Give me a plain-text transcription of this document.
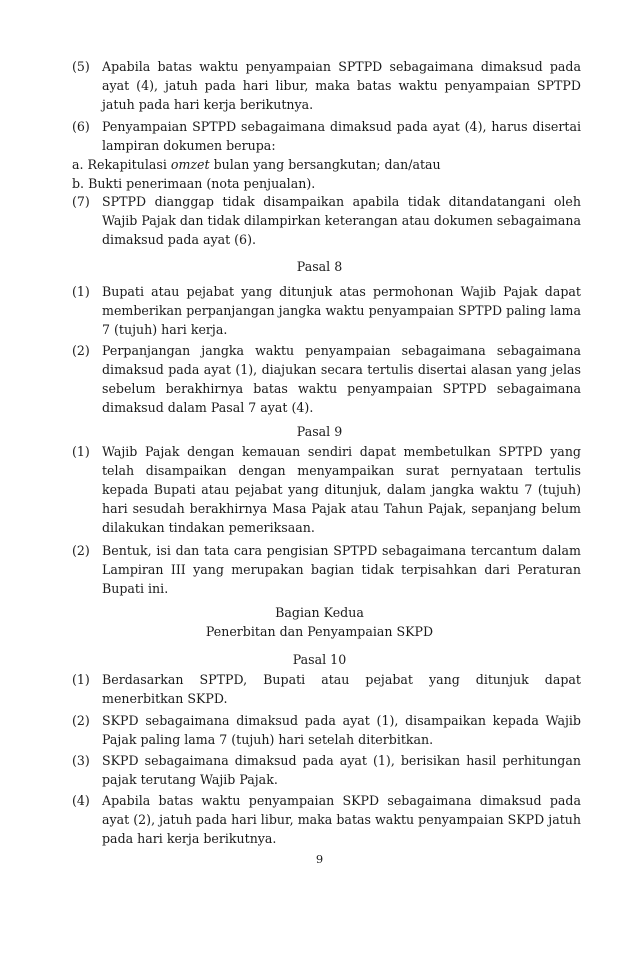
(5) Apabila batas waktu penyampaian SPTPD sebagaimana dimaksud pada ayat (4), jatuh pada hari libur, maka batas waktu penyampaian SPTPD jatuh pada hari kerja berikutnya.
(6) Penyampaian SPTPD sebagaimana dimaksud pada ayat (4), harus disertai lampiran dokumen berupa:
a. Rekapitulasi omzet bulan yang bersangkutan; dan/atau
b. Bukti penerimaan (nota penjualan).
(7) SPTPD dianggap tidak disampaikan apabila tidak ditandatangani oleh Wajib Pajak dan tidak dilampirkan keterangan atau dokumen sebagaimana dimaksud pada ayat (6).
Pasal 8
(1) Bupati atau pejabat yang ditunjuk atas permohonan Wajib Pajak dapat memberikan perpanjangan jangka waktu penyampaian SPTPD paling lama 7 (tujuh) hari kerja.
(2) Perpanjangan jangka waktu penyampaian sebagaimana sebagaimana dimaksud pada ayat (1), diajukan secara tertulis disertai alasan yang jelas sebelum berakhirnya batas waktu penyampaian SPTPD sebagaimana dimaksud dalam Pasal 7 ayat (4).
Pasal 9
(1) Wajib Pajak dengan kemauan sendiri dapat membetulkan SPTPD yang telah disampaikan dengan menyampaikan surat pernyataan tertulis kepada Bupati atau pejabat yang ditunjuk, dalam jangka waktu 7 (tujuh) hari sesudah berakhirnya Masa Pajak atau Tahun Pajak, sepanjang belum dilakukan tindakan pemeriksaan.
(2) Bentuk, isi dan tata cara pengisian SPTPD sebagaimana tercantum dalam Lampiran III yang merupakan bagian tidak terpisahkan dari Peraturan Bupati ini.
Bagian Kedua
Penerbitan dan Penyampaian SKPD
Pasal 10
(1) Berdasarkan SPTPD, Bupati atau pejabat yang ditunjuk dapat menerbitkan SKPD.
(2) SKPD sebagaimana dimaksud pada ayat (1), disampaikan kepada Wajib Pajak paling lama 7 (tujuh) hari setelah diterbitkan.
(3) SKPD sebagaimana dimaksud pada ayat (1), berisikan hasil perhitungan pajak terutang Wajib Pajak.
(4) Apabila batas waktu penyampaian SKPD sebagaimana dimaksud pada ayat (2), jatuh pada hari libur, maka batas waktu penyampaian SKPD jatuh pada hari kerja berikutnya.
9
